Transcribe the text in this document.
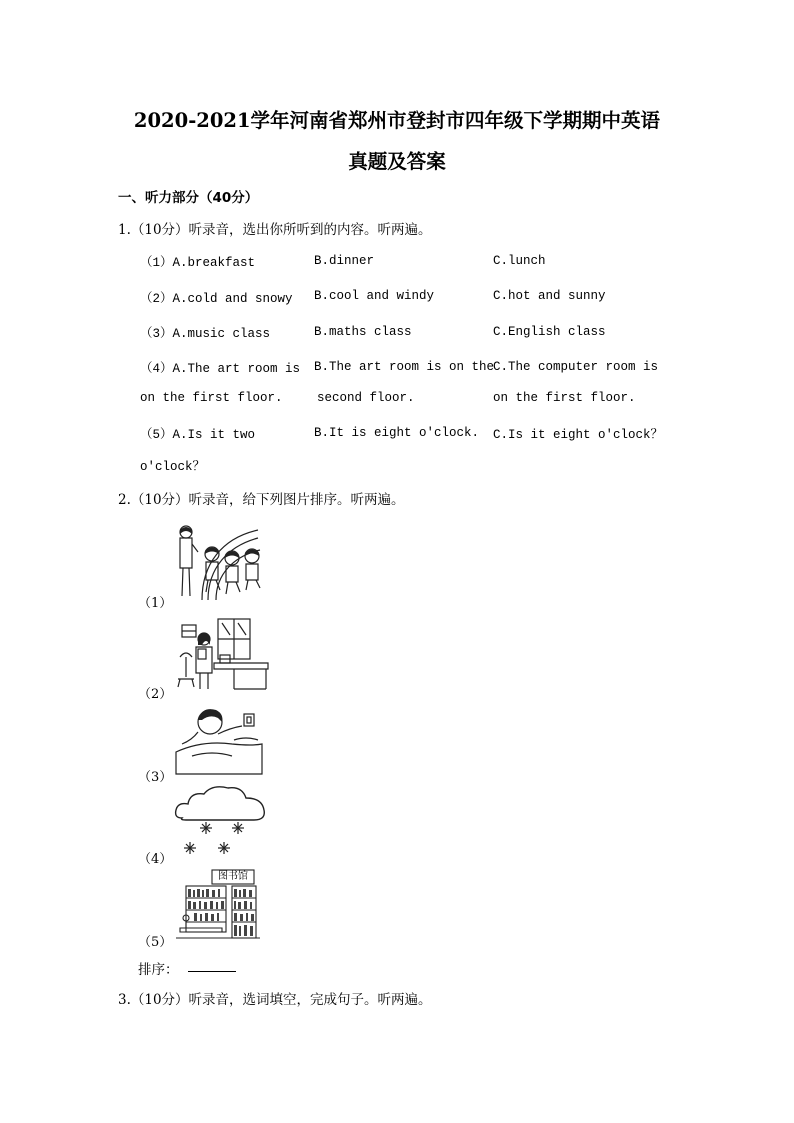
2020-2021学年河南省郑州市登封市四年级下学期期中英语
真题及答案
一、听力部分（40分）
1.（10分）听录音，选出你所听到的内容。听两遍。
（1）A.breakfast	B.dinner	C.lunch
（2）A.cold and snowy B.cool and windy	C.hot and sunny
（3）A.music class	B.maths class	C.English class
（4）A.The art room is
on the first floor.
B.The art room is on the
second floor.
C.The computer room is
on the first floor.
（5）A.Is it two
o'clock？
B.It is eight o'clock. C.Is it eight o'clock？
2.（10分）听录音，给下列图片排序。听两遍。
（1）
（2）
（3）
（4）
（5）
图书馆
排序：
3.（10分）听录音，选词填空，完成句子。听两遍。
